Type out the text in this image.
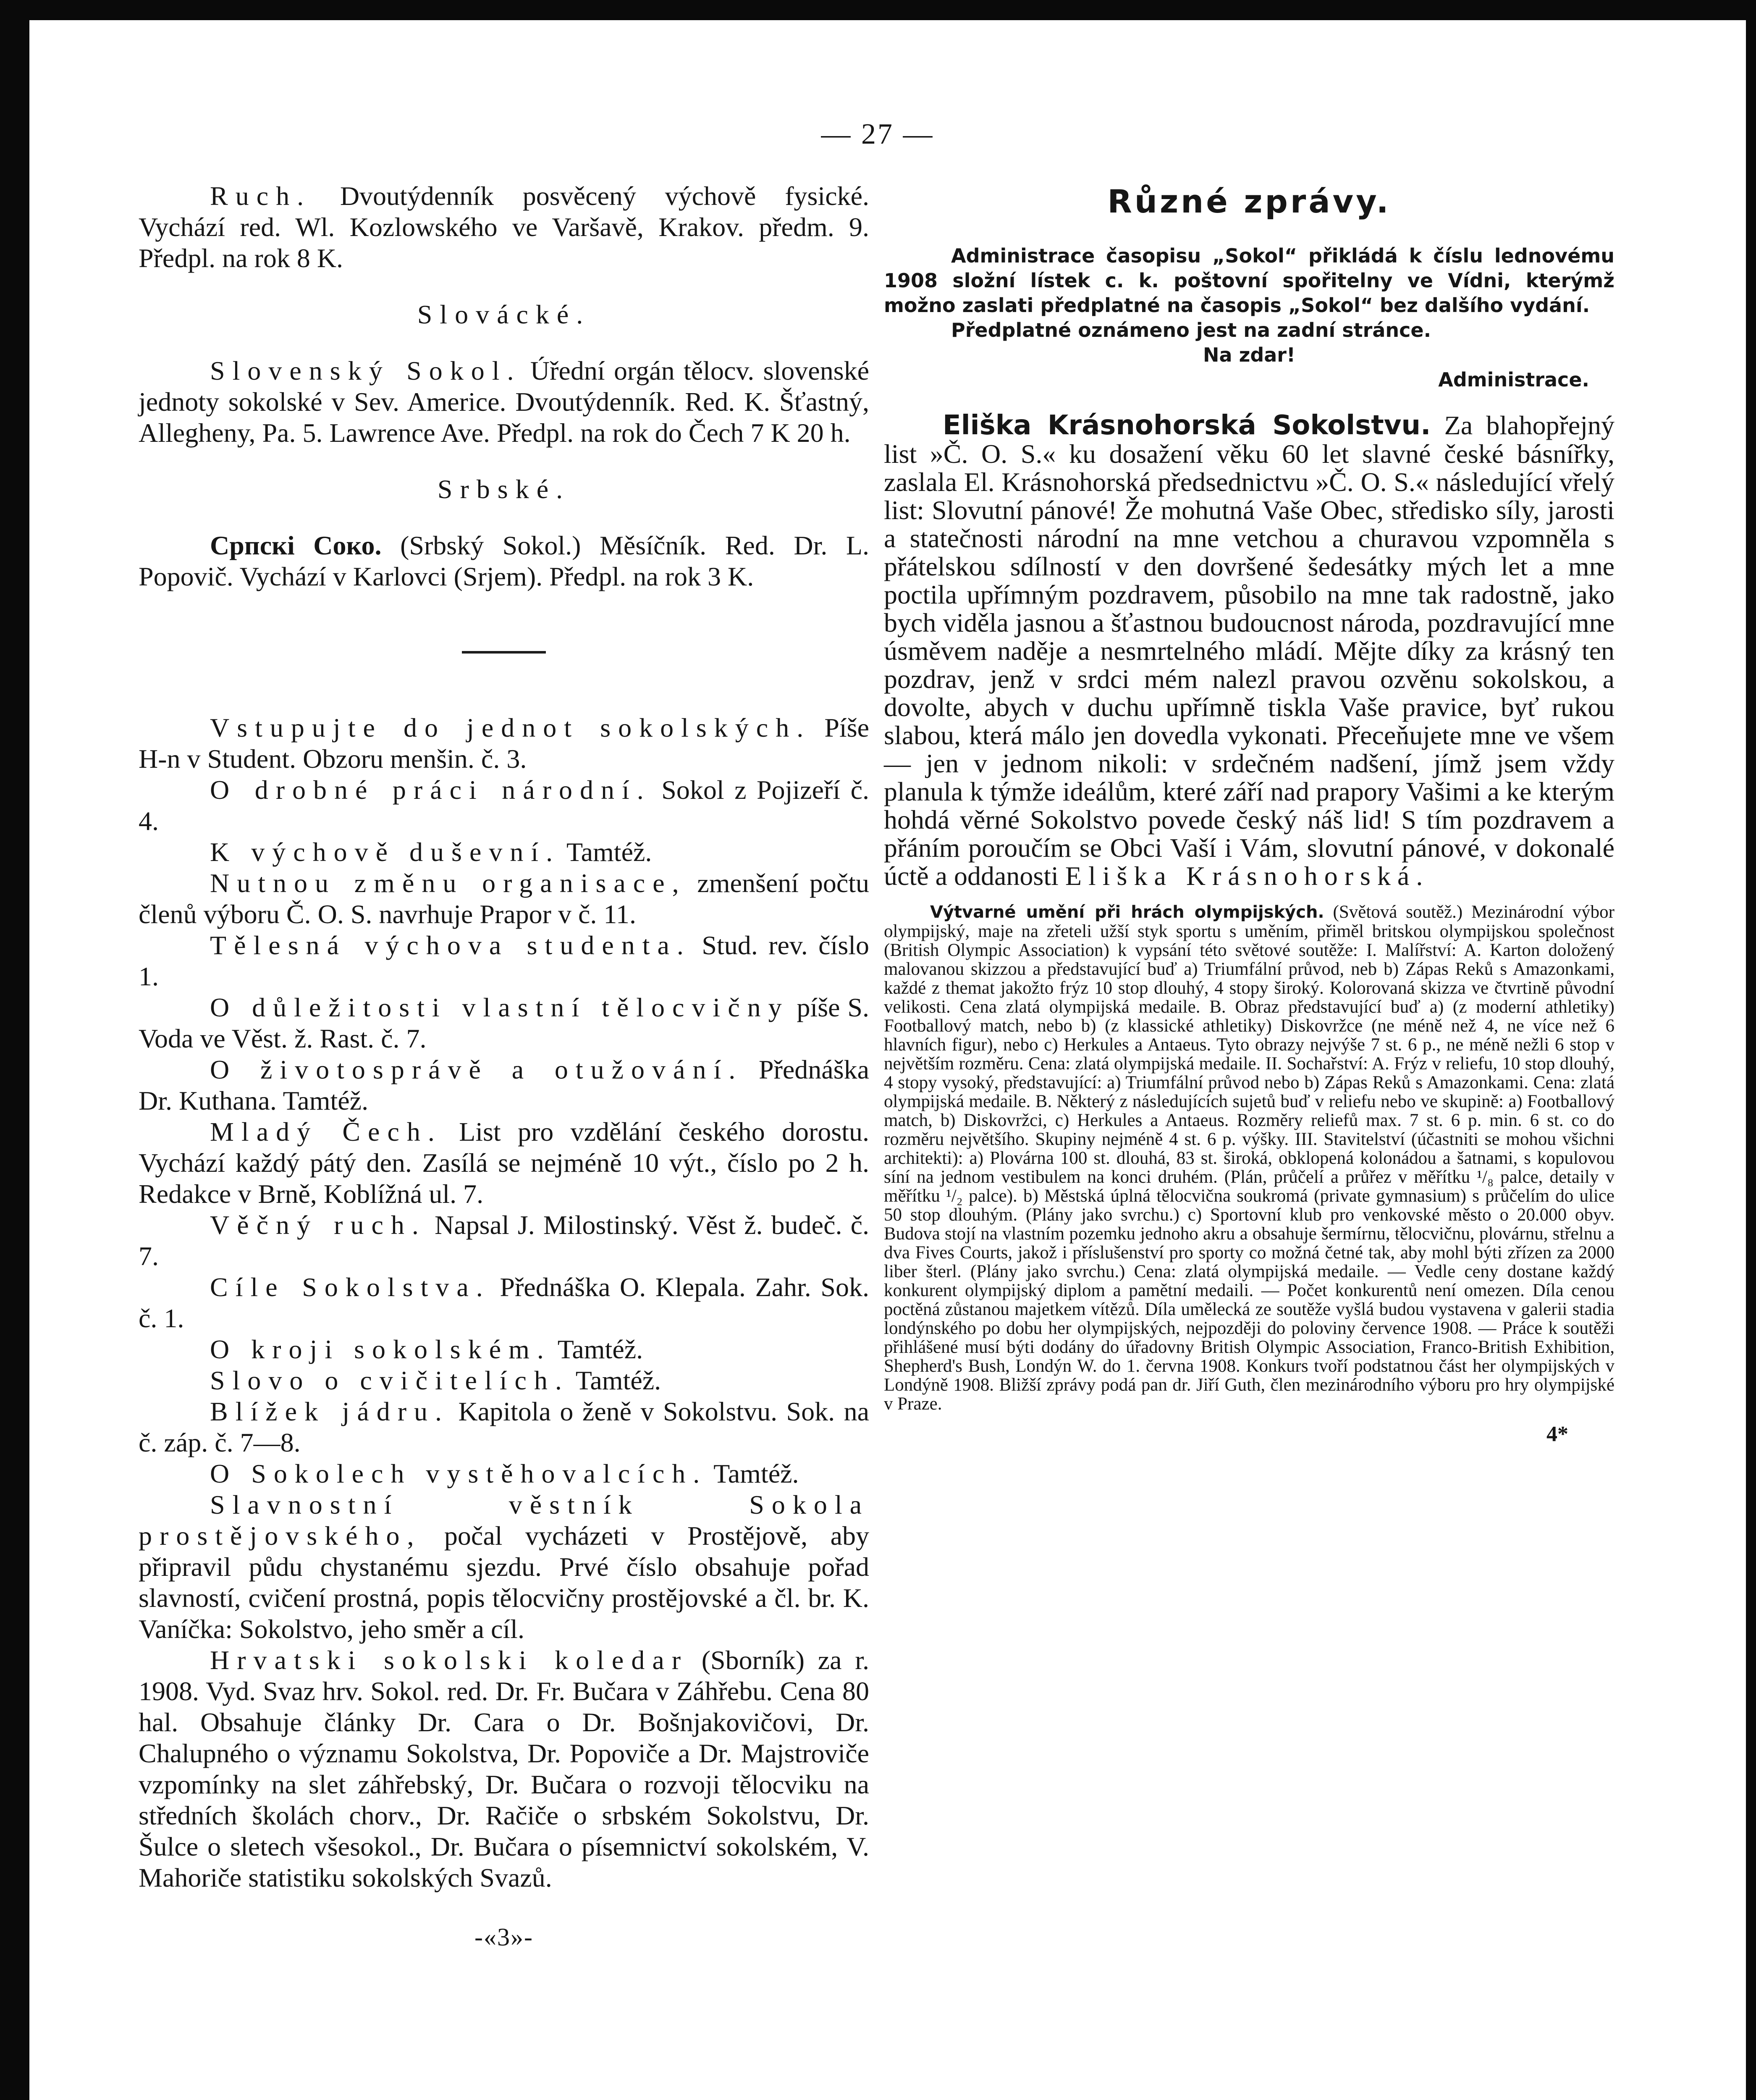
— 27 —

Ruch. Dvoutýdenník posvěcený výchově fysické. Vychází red. Wl. Kozlowského ve Varšavě, Krakov. předm. 9. Předpl. na rok 8 K.

Slovácké.

Slovenský Sokol. Úřední orgán tělocv. slovenské jednoty sokolské v Sev. Americe. Dvoutýdenník. Red. K. Šťastný, Allegheny, Pa. 5. Lawrence Ave. Předpl. na rok do Čech 7 K 20 h.

Srbské.

Српскi Соко. (Srbský Sokol.) Měsíčník. Red. Dr. L. Popovič. Vychází v Karlovci (Srjem). Předpl. na rok 3 K.

Vstupujte do jednot sokolských. Píše H-n v Student. Obzoru menšin. č. 3.

O drobné práci národní. Sokol z Pojizeří č. 4.

K výchově duševní. Tamtéž.

Nutnou změnu organisace, zmenšení počtu členů výboru Č. O. S. navrhuje Prapor v č. 11.

Tělesná výchova studenta. Stud. rev. číslo 1.

O důležitosti vlastní tělocvičny píše S. Voda ve Věst. ž. Rast. č. 7.

O životosprávě a otužování. Přednáška Dr. Kuthana. Tamtéž.

Mladý Čech. List pro vzdělání českého dorostu. Vychází každý pátý den. Zasílá se nejméně 10 výt., číslo po 2 h. Redakce v Brně, Koblížná ul. 7.

Věčný ruch. Napsal J. Milostinský. Věst ž. budeč. č. 7.

Cíle Sokolstva. Přednáška O. Klepala. Zahr. Sok. č. 1.

O kroji sokolském. Tamtéž.

Slovo o cvičitelích. Tamtéž.

Blížek jádru. Kapitola o ženě v Sokolstvu. Sok. na č. záp. č. 7—8.

O Sokolech vystěhovalcích. Tamtéž.

Slavnostní věstník Sokola prostějovského, počal vycházeti v Prostějově, aby připravil půdu chystanému sjezdu. Prvé číslo obsahuje pořad slavností, cvičení prostná, popis tělocvičny prostějovské a čl. br. K. Vaníčka: Sokolstvo, jeho směr a cíl.

Hrvatski sokolski koledar (Sborník) za r. 1908. Vyd. Svaz hrv. Sokol. red. Dr. Fr. Bučara v Záhřebu. Cena 80 hal. Obsahuje články Dr. Cara o Dr. Bošnjakovičovi, Dr. Chalupného o významu Sokolstva, Dr. Popoviče a Dr. Majstroviče vzpomínky na slet záhřebský, Dr. Bučara o rozvoji tělocviku na středních školách chorv., Dr. Račiče o srbském Sokolstvu, Dr. Šulce o sletech všesokol., Dr. Bučara o písemnictví sokolském, V. Mahoriče statistiku sokolských Svazů.

-«3»-

Různé zprávy.

Administrace časopisu „Sokol“ přikládá k číslu lednovému 1908 složní lístek c. k. poštovní spořitelny ve Vídni, kterýmž možno zaslati předplatné na časopis „Sokol“ bez dalšího vydání.

Předplatné oznámeno jest na zadní stránce.

Na zdar!

Administrace.

Eliška Krásnohorská Sokolstvu. Za blahopřejný list »Č. O. S.« ku dosažení věku 60 let slavné české básnířky, zaslala El. Krásnohorská předsednictvu »Č. O. S.« následující vřelý list: Slovutní pánové! Že mohutná Vaše Obec, středisko síly, jarosti a statečnosti národní na mne vetchou a churavou vzpomněla s přátelskou sdílností v den dovršené šedesátky mých let a mne poctila upřímným pozdravem, působilo na mne tak radostně, jako bych viděla jasnou a šťastnou budoucnost národa, pozdravující mne úsměvem naděje a nesmrtelného mládí. Mějte díky za krásný ten pozdrav, jenž v srdci mém nalezl pravou ozvěnu sokolskou, a dovolte, abych v duchu upřímně tiskla Vaše pravice, byť rukou slabou, která málo jen dovedla vykonati. Přeceňujete mne ve všem — jen v jednom nikoli: v srdečném nadšení, jímž jsem vždy planula k týmže ideálům, které září nad prapory Vašimi a ke kterým hohdá věrné Sokolstvo povede český náš lid! S tím pozdravem a přáním poroučím se Obci Vaší i Vám, slovutní pánové, v dokonalé úctě a oddanosti Eliška Krásnohorská.

Výtvarné umění při hrách olympijských. (Světová soutěž.) Mezinárodní výbor olympijský, maje na zřeteli užší styk sportu s uměním, přiměl britskou olympijskou společnost (British Olympic Association) k vypsání této světové soutěže: I. Malířství: A. Karton doložený malovanou skizzou a představující buď a) Triumfální průvod, neb b) Zápas Reků s Amazonkami, každé z themat jakožto frýz 10 stop dlouhý, 4 stopy široký. Kolorovaná skizza ve čtvrtině původní velikosti. Cena zlatá olympijská medaile. B. Obraz představující buď a) (z moderní athletiky) Footballový match, nebo b) (z klassické athletiky) Diskovržce (ne méně než 4, ne více než 6 hlavních figur), nebo c) Herkules a Antaeus. Tyto obrazy nejvýše 7 st. 6 p., ne méně nežli 6 stop v největším rozměru. Cena: zlatá olympijská medaile. II. Sochařství: A. Frýz v reliefu, 10 stop dlouhý, 4 stopy vysoký, představující: a) Triumfální průvod nebo b) Zápas Reků s Amazonkami. Cena: zlatá olympijská medaile. B. Některý z následujících sujetů buď v reliefu nebo ve skupině: a) Footballový match, b) Diskovržci, c) Herkules a Antaeus. Rozměry reliefů max. 7 st. 6 p. min. 6 st. co do rozměru největšího. Skupiny nejméně 4 st. 6 p. výšky. III. Stavitelství (účastniti se mohou všichni architekti): a) Plovárna 100 st. dlouhá, 83 st. široká, obklopená kolonádou a šatnami, s kopulovou síní na jednom vestibulem na konci druhém. (Plán, průčelí a průřez v měřítku ¹/₈ palce, detaily v měřítku ¹/₂ palce). b) Městská úplná tělocvična soukromá (private gymnasium) s průčelím do ulice 50 stop dlouhým. (Plány jako svrchu.) c) Sportovní klub pro venkovské město o 20.000 obyv. Budova stojí na vlastním pozemku jednoho akru a obsahuje šermírnu, tělocvičnu, plovárnu, střelnu a dva Fives Courts, jakož i příslušenství pro sporty co možná četné tak, aby mohl býti zřízen za 2000 liber šterl. (Plány jako svrchu.) Cena: zlatá olympijská medaile. — Vedle ceny dostane každý konkurent olympijský diplom a pamětní medaili. — Počet konkurentů není omezen. Díla cenou poctěná zůstanou majetkem vítězů. Díla umělecká ze soutěže vyšlá budou vystavena v galerii stadia londýnského po dobu her olympijských, nejpozději do poloviny července 1908. — Práce k soutěži přihlášené musí býti dodány do úřadovny British Olympic Association, Franco-British Exhibition, Shepherd's Bush, Londýn W. do 1. června 1908. Konkurs tvoří podstatnou část her olympijských v Londýně 1908. Bližší zprávy podá pan dr. Jiří Guth, člen mezinárodního výboru pro hry olympijské v Praze.

4*
